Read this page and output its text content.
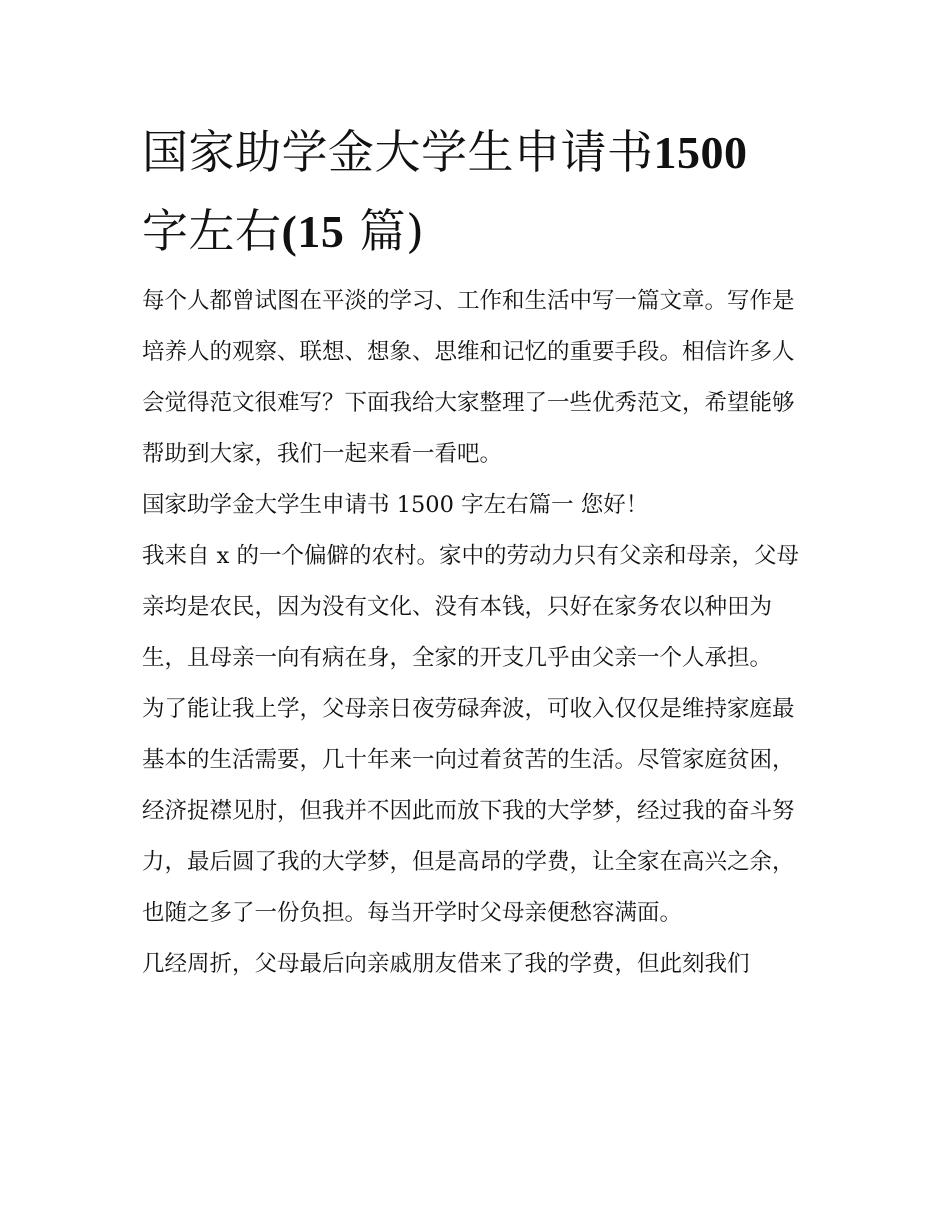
国家助学金大学生申请书1500
字左右(15 篇)

每个人都曾试图在平淡的学习、工作和生活中写一篇文章。写作是培养人的观察、联想、想象、思维和记忆的重要手段。相信许多人会觉得范文很难写？下面我给大家整理了一些优秀范文，希望能够帮助到大家，我们一起来看一看吧。

国家助学金大学生申请书 1500 字左右篇一 您好！

我来自 x 的一个偏僻的农村。家中的劳动力只有父亲和母亲，父母亲均是农民，因为没有文化、没有本钱，只好在家务农以种田为生，且母亲一向有病在身，全家的开支几乎由父亲一个人承担。

为了能让我上学，父母亲日夜劳碌奔波，可收入仅仅是维持家庭最基本的生活需要，几十年来一向过着贫苦的生活。尽管家庭贫困，经济捉襟见肘，但我并不因此而放下我的大学梦，经过我的奋斗努力，最后圆了我的大学梦，但是高昂的学费，让全家在高兴之余，也随之多了一份负担。每当开学时父母亲便愁容满面。

几经周折，父母最后向亲戚朋友借来了我的学费，但此刻我们
